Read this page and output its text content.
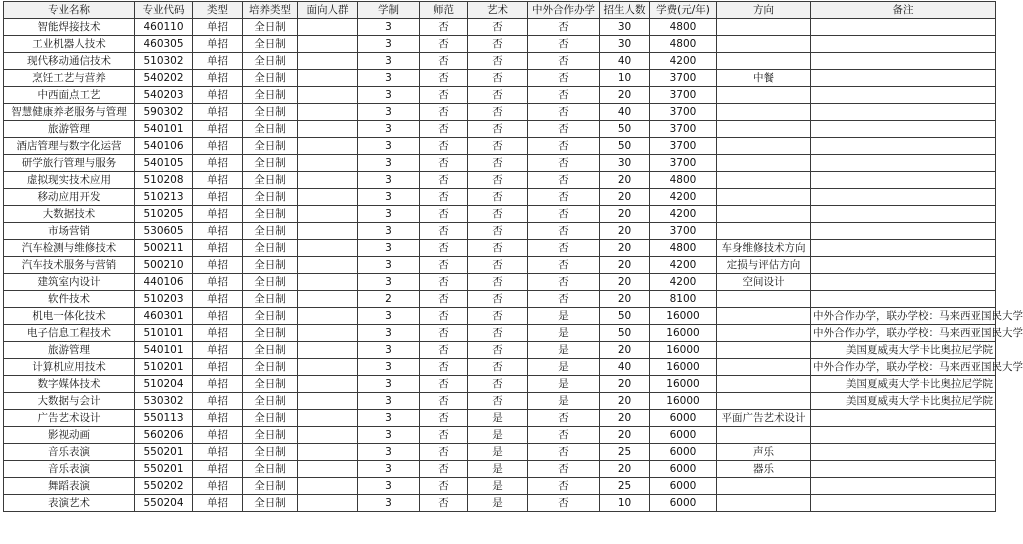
专业名称	专业代码	类型	培养类型	面向人群	学制	师范	艺术	中外合作办学	招生人数	学费(元/年)	方向	备注
智能焊接技术	460110	单招	全日制		3	否	否	否	30	4800		
工业机器人技术	460305	单招	全日制		3	否	否	否	30	4800		
现代移动通信技术	510302	单招	全日制		3	否	否	否	40	4200		
烹饪工艺与营养	540202	单招	全日制		3	否	否	否	10	3700	中餐	
中西面点工艺	540203	单招	全日制		3	否	否	否	20	3700		
智慧健康养老服务与管理	590302	单招	全日制		3	否	否	否	40	3700		
旅游管理	540101	单招	全日制		3	否	否	否	50	3700		
酒店管理与数字化运营	540106	单招	全日制		3	否	否	否	50	3700		
研学旅行管理与服务	540105	单招	全日制		3	否	否	否	30	3700		
虚拟现实技术应用	510208	单招	全日制		3	否	否	否	20	4800		
移动应用开发	510213	单招	全日制		3	否	否	否	20	4200		
大数据技术	510205	单招	全日制		3	否	否	否	20	4200		
市场营销	530605	单招	全日制		3	否	否	否	20	3700		
汽车检测与维修技术	500211	单招	全日制		3	否	否	否	20	4800	车身维修技术方向	
汽车技术服务与营销	500210	单招	全日制		3	否	否	否	20	4200	定损与评估方向	
建筑室内设计	440106	单招	全日制		3	否	否	否	20	4200	空间设计	
软件技术	510203	单招	全日制		2	否	否	否	20	8100		
机电一体化技术	460301	单招	全日制		3	否	否	是	50	16000		中外合作办学，联办学校：马来西亚国民大学
电子信息工程技术	510101	单招	全日制		3	否	否	是	50	16000		中外合作办学，联办学校：马来西亚国民大学
旅游管理	540101	单招	全日制		3	否	否	是	20	16000		美国夏威夷大学卡比奥拉尼学院
计算机应用技术	510201	单招	全日制		3	否	否	是	40	16000		中外合作办学，联办学校：马来西亚国民大学
数字媒体技术	510204	单招	全日制		3	否	否	是	20	16000		美国夏威夷大学卡比奥拉尼学院
大数据与会计	530302	单招	全日制		3	否	否	是	20	16000		美国夏威夷大学卡比奥拉尼学院
广告艺术设计	550113	单招	全日制		3	否	是	否	20	6000	平面广告艺术设计	
影视动画	560206	单招	全日制		3	否	是	否	20	6000		
音乐表演	550201	单招	全日制		3	否	是	否	25	6000	声乐	
音乐表演	550201	单招	全日制		3	否	是	否	20	6000	器乐	
舞蹈表演	550202	单招	全日制		3	否	是	否	25	6000		
表演艺术	550204	单招	全日制		3	否	是	否	10	6000		
